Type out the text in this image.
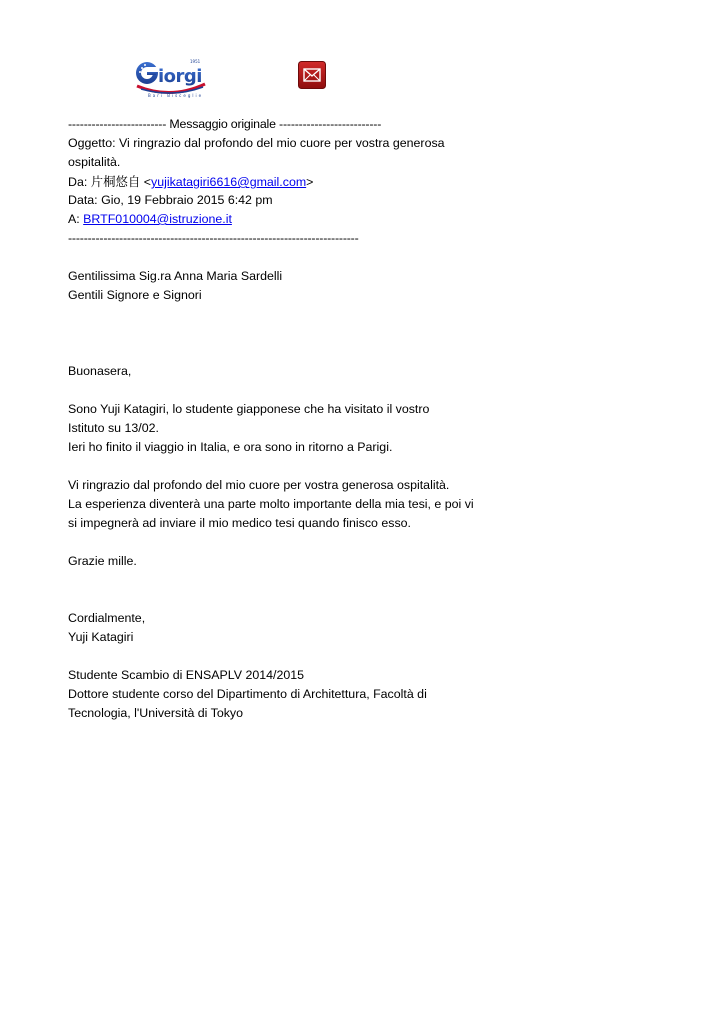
iorgi
1951
Bari Bisceglie
------------------------- Messaggio originale --------------------------
Oggetto: Vi ringrazio dal profondo del mio cuore per vostra generosa
ospitalità.
Da: 片桐悠自 <yujikatagiri6616@gmail.com>
Data: Gio, 19 Febbraio 2015 6:42 pm
A: BRTF010004@istruzione.it
--------------------------------------------------------------------------
Gentilissima Sig.ra Anna Maria Sardelli
Gentili Signore e Signori
Buonasera,
Sono Yuji Katagiri, lo studente giapponese che ha visitato il vostro
Istituto su 13/02.
Ieri ho finito il viaggio in Italia, e ora sono in ritorno a Parigi.
Vi ringrazio dal profondo del mio cuore per vostra generosa ospitalità.
La esperienza diventerà una parte molto importante della mia tesi, e poi vi
si impegnerà ad inviare il mio medico tesi quando finisco esso.
Grazie mille.
Cordialmente,
Yuji Katagiri
Studente Scambio di ENSAPLV 2014/2015
Dottore studente corso del Dipartimento di Architettura, Facoltà di
Tecnologia, l'Università di Tokyo
